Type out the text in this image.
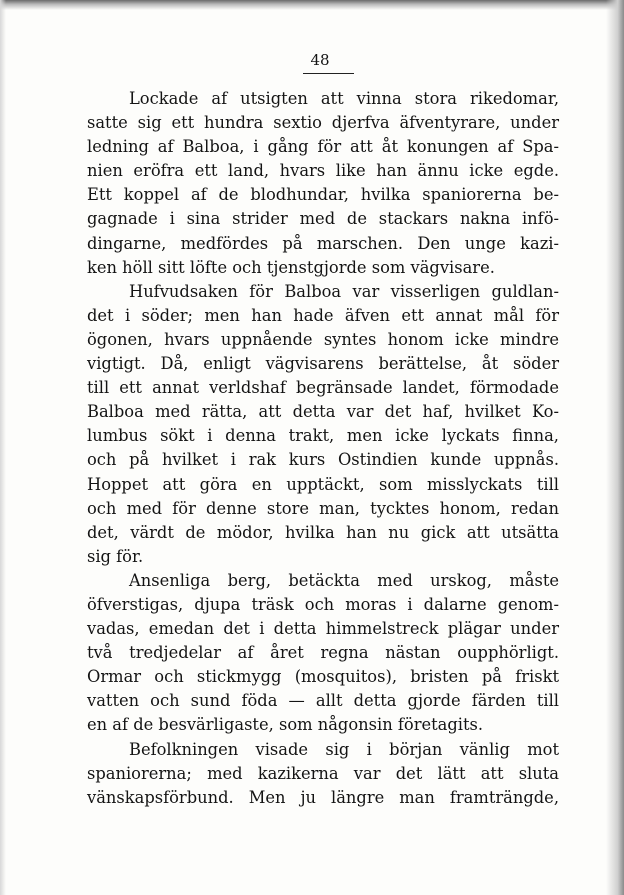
48
Lockade af utsigten att vinna stora rikedomar,
satte sig ett hundra sextio djerfva äfventyrare, under
ledning af Balboa, i gång för att åt konungen af Spa-
nien eröfra ett land, hvars like han ännu icke egde.
Ett koppel af de blodhundar, hvilka spaniorerna be-
gagnade i sina strider med de stackars nakna infö-
dingarne, medfördes på marschen. Den unge kazi-
ken höll sitt löfte och tjenstgjorde som vägvisare.
Hufvudsaken för Balboa var visserligen guldlan-
det i söder; men han hade äfven ett annat mål för
ögonen, hvars uppnående syntes honom icke mindre
vigtigt. Då, enligt vägvisarens berättelse, åt söder
till ett annat verldshaf begränsade landet, förmodade
Balboa med rätta, att detta var det haf, hvilket Ko-
lumbus sökt i denna trakt, men icke lyckats finna,
och på hvilket i rak kurs Ostindien kunde uppnås.
Hoppet att göra en upptäckt, som misslyckats till
och med för denne store man, tycktes honom, redan
det, värdt de mödor, hvilka han nu gick att utsätta
sig för.
Ansenliga berg, betäckta med urskog, måste
öfverstigas, djupa träsk och moras i dalarne genom-
vadas, emedan det i detta himmelstreck plägar under
två tredjedelar af året regna nästan oupphörligt.
Ormar och stickmygg (mosquitos), bristen på friskt
vatten och sund föda — allt detta gjorde färden till
en af de besvärligaste, som någonsin företagits.
Befolkningen visade sig i början vänlig mot
spaniorerna; med kazikerna var det lätt att sluta
vänskapsförbund. Men ju längre man framträngde,
